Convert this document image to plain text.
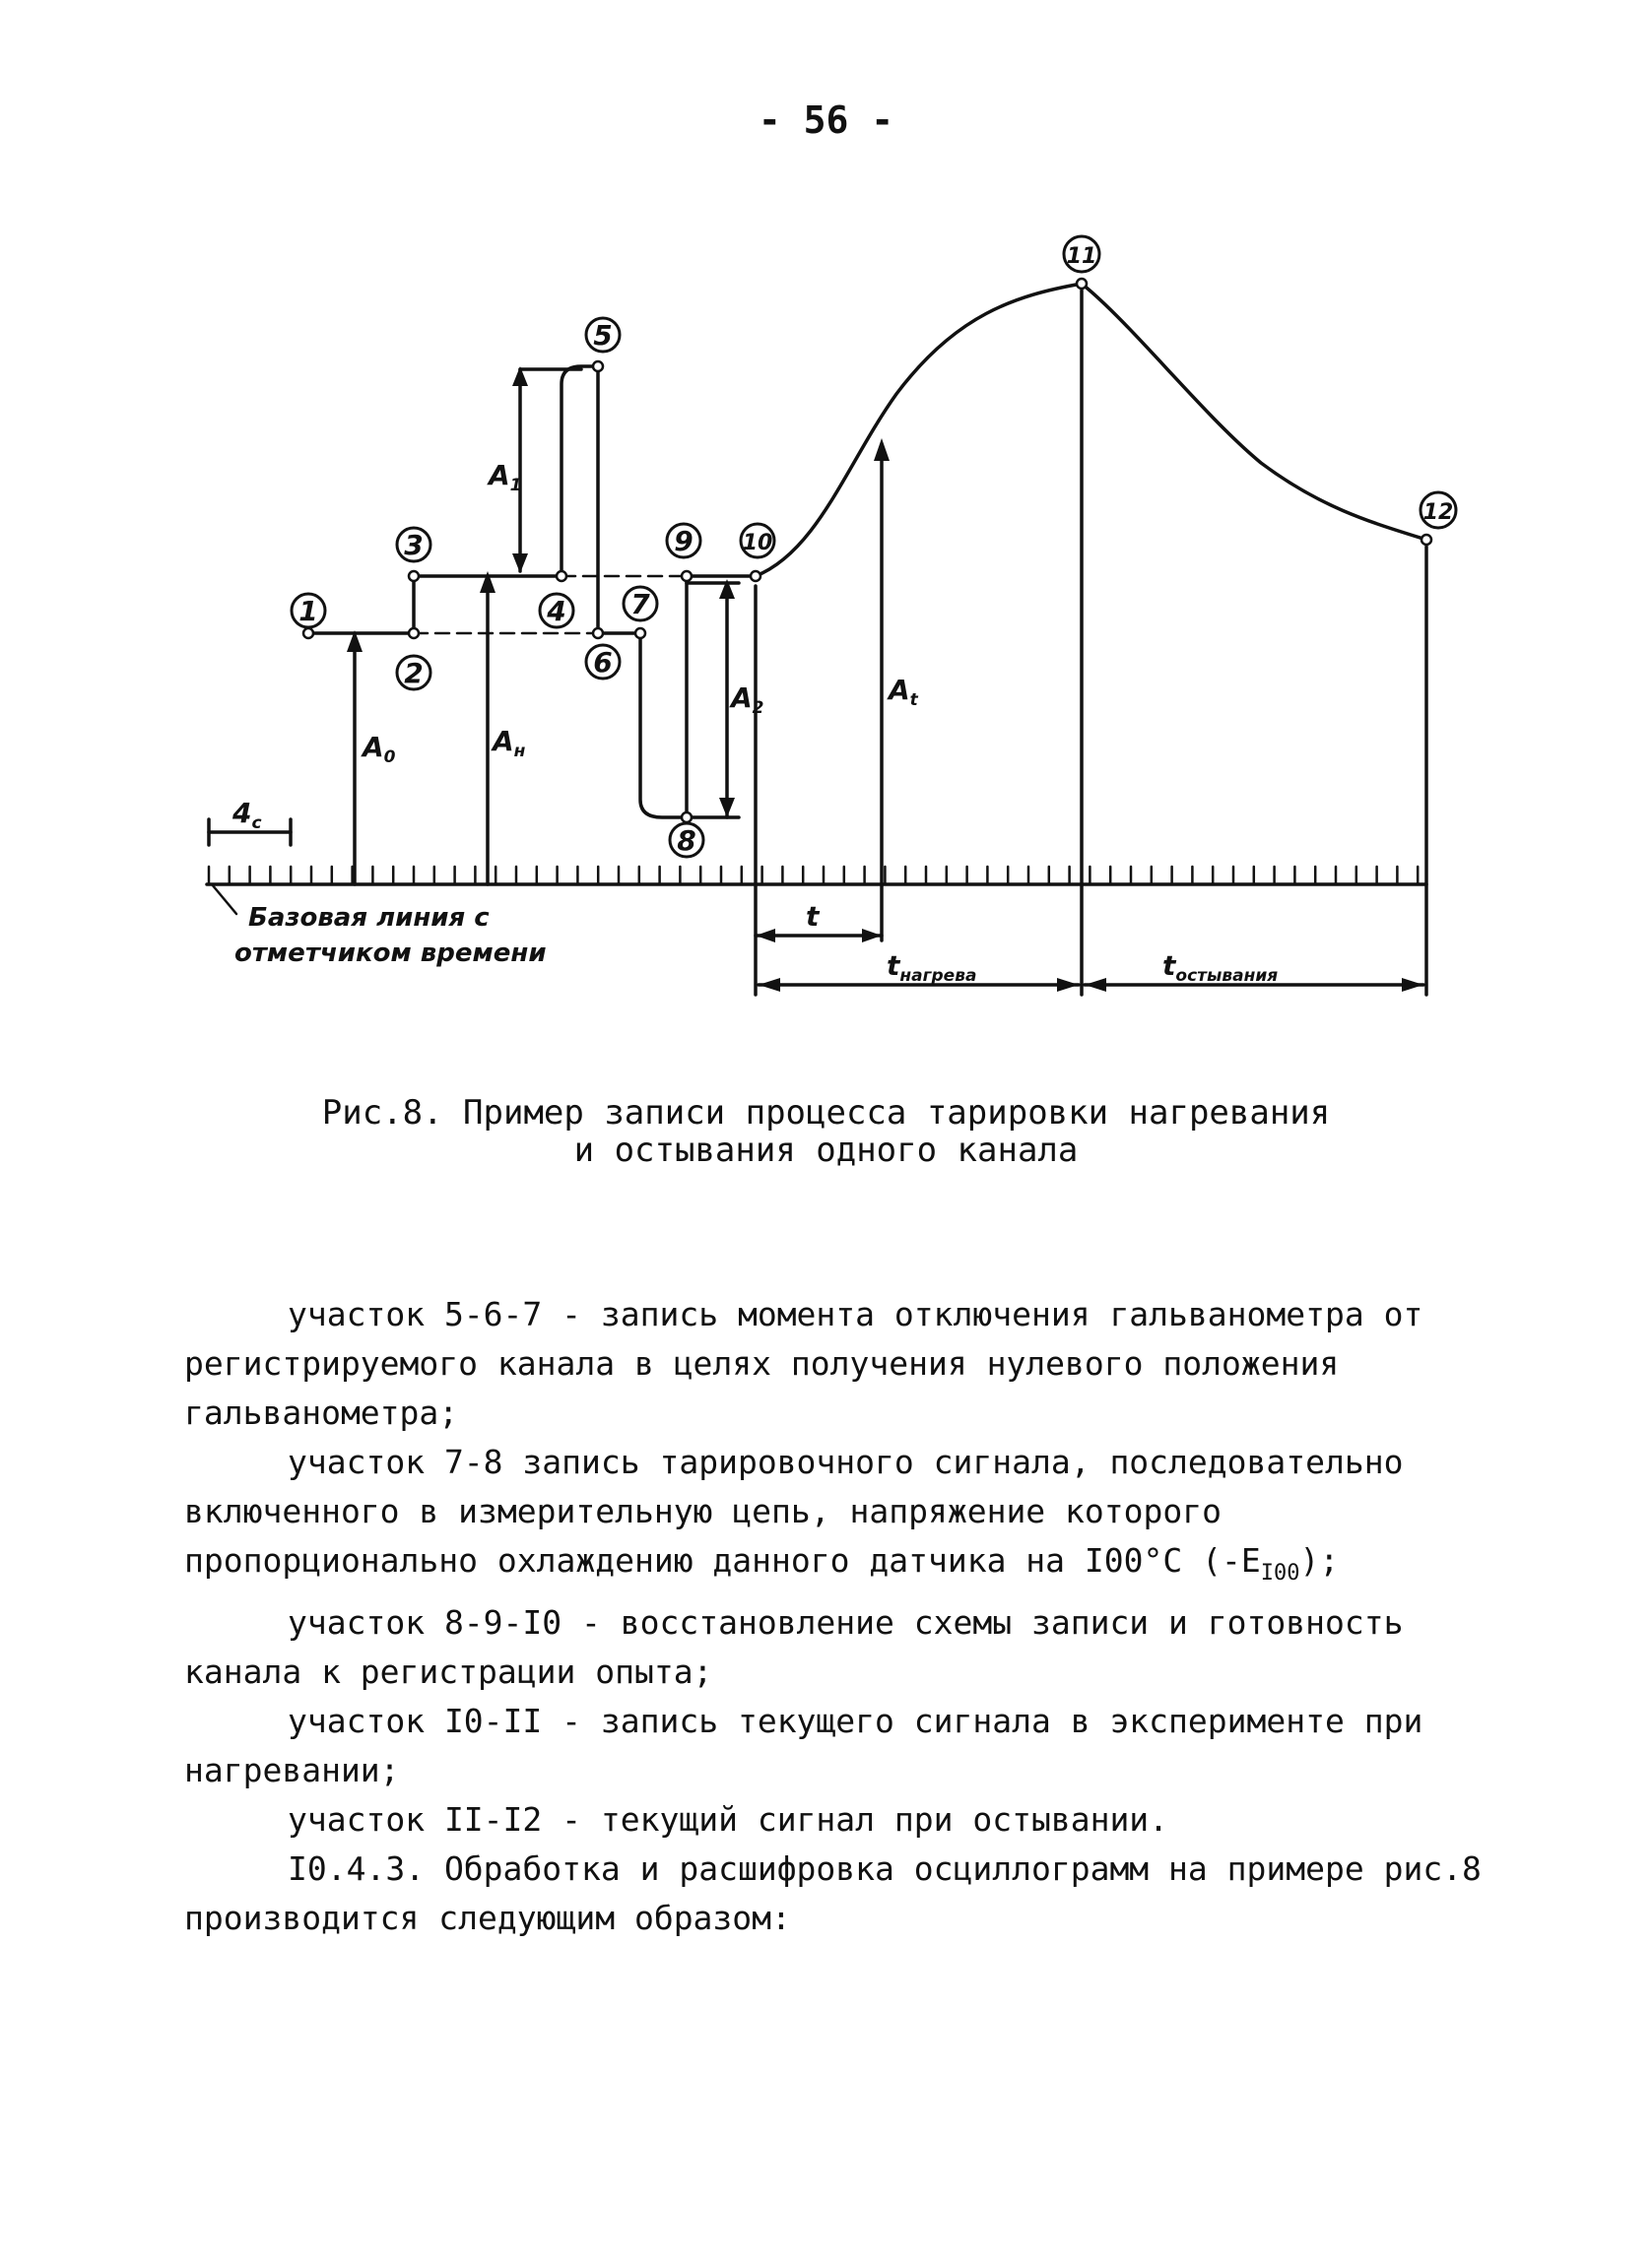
- 56 -
1
2
3
4
5
6
7
8
9 10
11
12
$A_0$	$A_н$
$A_1$
$A_2$
$A_t$
$4_c$
Базовая линия с
отметчиком времени
t
$t_{нагрева}$	$t_{остывания}$
Рис.8. Пример записи процесса тарировки нагревания
и остывания одного канала

участок 5-6-7 - запись момента отключения гальванометра от регистрируемого канала в целях получения нулевого положения гальванометра;

участок 7-8 запись тарировочного сигнала, последовательно включенного в измерительную цепь, напряжение которого пропорционально охлаждению данного датчика на I00°C $(-E_{I00})$;

участок 8-9-I0 - восстановление схемы записи и готовность канала к регистрации опыта;

участок I0-II - запись текущего сигнала в эксперименте при нагревании;

участок II-I2 - текущий сигнал при остывании.

I0.4.3. Обработка и расшифровка осциллограмм на примере рис.8 производится следующим образом:
